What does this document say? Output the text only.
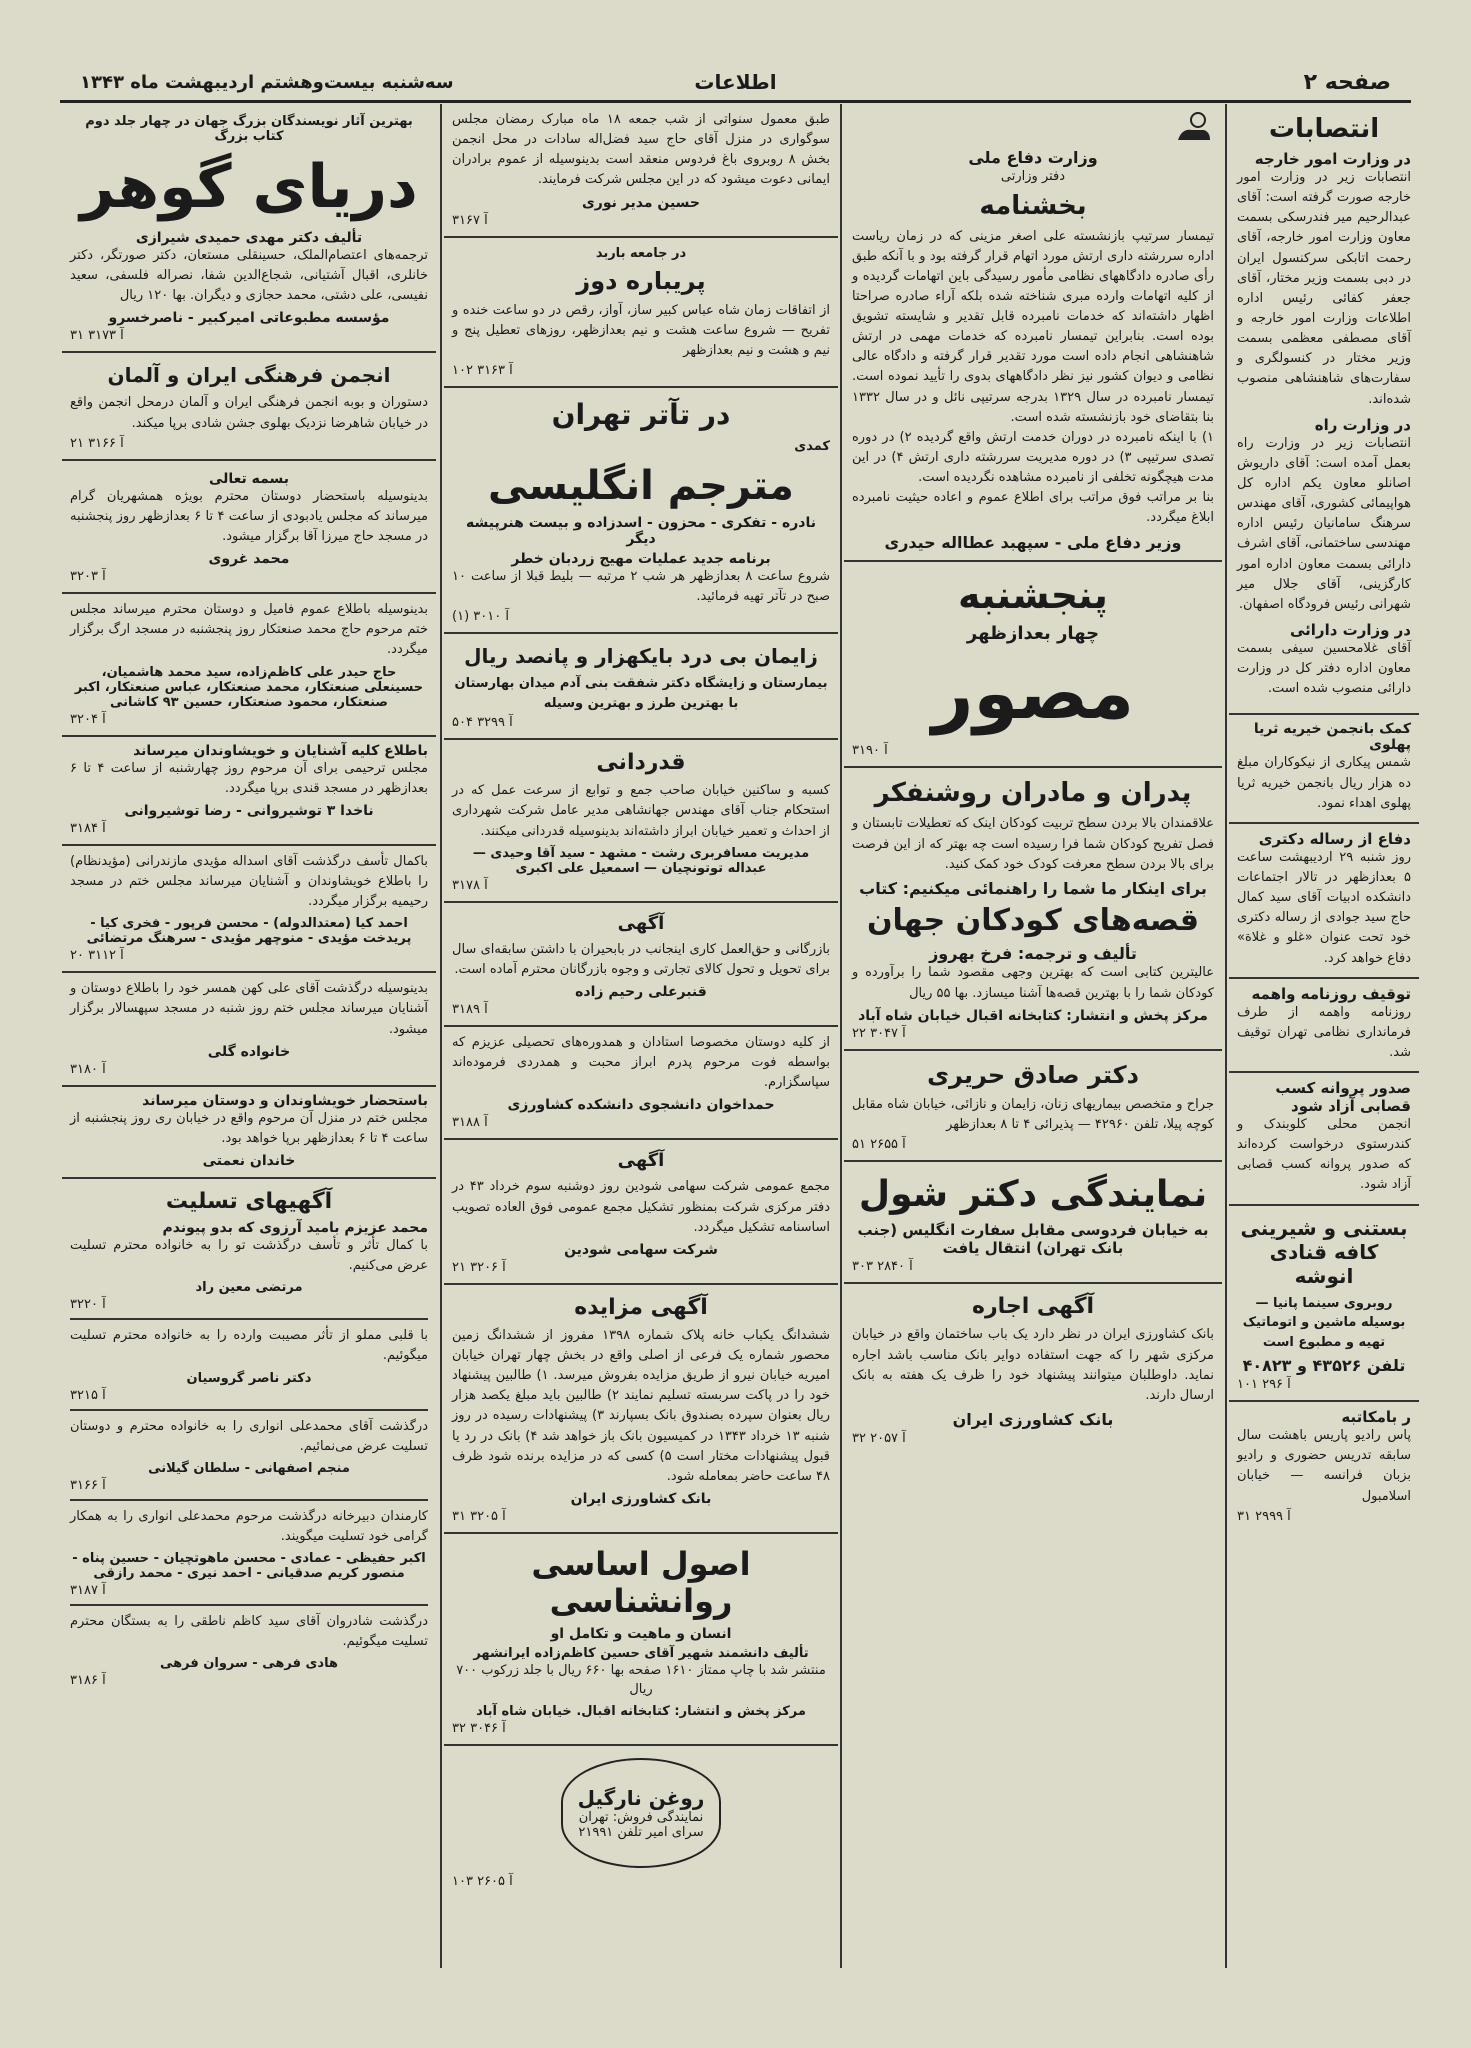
صفحه ۲
اطلاعات
سه‌شنبه بیست‌وهشتم اردیبهشت ماه ۱۳۴۳
انتصابات
در وزارت امور خارجه
انتصابات زیر در وزارت امور خارجه صورت گرفته است: آقای عبدالرحیم میر فندرسکی بسمت معاون وزارت امور خارجه، آقای رحمت اتابکی سرکنسول ایران در دبی بسمت وزیر مختار، آقای جعفر کفائی رئیس اداره اطلاعات وزارت امور خارجه و آقای مصطفی معظمی بسمت وزیر مختار در کنسولگری و سفارت‌های شاهنشاهی منصوب شده‌اند.
در وزارت راه
انتصابات زیر در وزارت راه بعمل آمده است: آقای داریوش اصانلو معاون یکم اداره کل هواپیمائی کشوری، آقای مهندس سرهنگ سامانیان رئیس اداره مهندسی ساختمانی، آقای اشرف دارائی بسمت معاون اداره امور کارگزینی، آقای جلال میر شهرانی رئیس فرودگاه اصفهان.
در وزارت دارائی
آقای غلامحسین سیفی بسمت معاون اداره دفتر کل در وزارت دارائی منصوب شده است.
کمک بانجمن خیریه ثریا پهلوی
شمس پیکاری از نیکوکاران مبلغ ده هزار ریال بانجمن خیریه ثریا پهلوی اهداء نمود.
دفاع از رساله دکتری
روز شنبه ۲۹ اردیبهشت ساعت ۵ بعدازظهر در تالار اجتماعات دانشکده ادبیات آقای سید کمال حاج سید جوادی از رساله دکتری خود تحت عنوان «غلو و غلاة» دفاع خواهد کرد.
توقیف روزنامه واهمه
روزنامه واهمه از طرف فرمانداری نظامی تهران توقیف شد.
صدور پروانه کسب قصابی آزاد شود
انجمن محلی کلوبندک و کندرستوی درخواست کرده‌اند که صدور پروانه کسب قصابی آزاد شود.
بستنی و شیرینی کافه قنادی انوشه
روبروی سینما پانیا — بوسیله ماشین و اتوماتیک تهیه و مطبوع است
تلفن ۴۳۵۲۶ و ۴۰۸۲۳
آ ۲۹۶ ۱۰۱
ر بامکاتبه
پاس رادیو پاریس باهشت سال سابقه تدریس حضوری و رادیو بزبان فرانسه — خیابان اسلامبول
آ ۲۹۹۹ ۳۱
وزارت دفاع ملی
دفتر وزارتی
بخشنامه
تیمسار سرتیپ بازنشسته علی اصغر مزینی که در زمان ریاست اداره سررشته داری ارتش مورد اتهام قرار گرفته بود و با آنکه طبق رأی صادره دادگاههای نظامی مأمور رسیدگی باین اتهامات گردیده و از کلیه اتهامات وارده مبری شناخته شده بلکه آراء صادره صراحتا اظهار داشته‌اند که خدمات نامبرده قابل تقدیر و شایسته تشویق بوده است. بنابراین تیمسار نامبرده که خدمات مهمی در ارتش شاهنشاهی انجام داده است مورد تقدیر قرار گرفته و دادگاه عالی نظامی و دیوان کشور نیز نظر دادگاههای بدوی را تأیید نموده است. تیمسار نامبرده در سال ۱۳۲۹ بدرجه سرتیپی نائل و در سال ۱۳۳۲ بنا بتقاضای خود بازنشسته شده است.
۱) با اینکه نامبرده در دوران خدمت ارتش واقع گردیده ۲) در دوره تصدی سرتیپی ۳) در دوره مدیریت سررشته داری ارتش ۴) در این مدت هیچگونه تخلفی از نامبرده مشاهده نگردیده است.
بنا بر مراتب فوق مراتب برای اطلاع عموم و اعاده حیثیت نامبرده ابلاغ میگردد.
وزیر دفاع ملی - سپهبد عطااله حیدری
پنجشنبه
چهار بعدازظهر
مصور
آ ۳۱۹۰
پدران و مادران روشنفکر
علاقمندان بالا بردن سطح تربیت کودکان اینک که تعطیلات تابستان و فصل تفریح کودکان شما فرا رسیده است چه بهتر که از این فرصت برای بالا بردن سطح معرفت کودک خود کمک کنید.
برای اینکار ما شما را راهنمائی میکنیم: کتاب
قصه‌های کودکان جهان
تألیف و ترجمه: فرخ بهروز
عالیترین کتابی است که بهترین وجهی مقصود شما را برآورده و کودکان شما را با بهترین قصه‌ها آشنا میسازد. بها ۵۵ ریال
مرکز پخش و انتشار: کتابخانه اقبال خیابان شاه آباد
آ ۳۰۴۷ ۲۲
دکتر صادق حریری
جراح و متخصص بیماریهای زنان، زایمان و نازائی، خیابان شاه مقابل کوچه پیلا، تلفن ۴۲۹۶۰ — پذیرائی ۴ تا ۸ بعدازظهر
آ ۲۶۵۵ ۵۱
نمایندگی دکتر شول
به خیابان فردوسی مقابل سفارت انگلیس (جنب بانک تهران) انتقال یافت
آ ۲۸۴۰ ۳۰۳
آگهی اجاره
بانک کشاورزی ایران در نظر دارد یک باب ساختمان واقع در خیابان مرکزی شهر را که جهت استفاده دوایر بانک مناسب باشد اجاره نماید. داوطلبان میتوانند پیشنهاد خود را ظرف یک هفته به بانک ارسال دارند.
بانک کشاورزی ایران
آ ۲۰۵۷ ۳۲
طبق معمول سنواتی از شب جمعه ۱۸ ماه مبارک رمضان مجلس سوگواری در منزل آقای حاج سید فضل‌اله سادات در محل انجمن بخش ۸ روبروی باغ فردوس منعقد است بدینوسیله از عموم برادران ایمانی دعوت میشود که در این مجلس شرکت فرمایند.
حسین مدیر نوری
آ ۳۱۶۷
در جامعه باربد
پریباره دوز
از اتفاقات زمان شاه عباس کبیر ساز، آواز، رقص در دو ساعت خنده و تفریح — شروع ساعت هشت و نیم بعدازظهر، روزهای تعطیل پنج و نیم و هشت و نیم بعدازظهر
آ ۳۱۶۳ ۱۰۲
در تآتر تهران
کمدی
مترجم انگلیسی
نادره - تفکری - محزون - اسدزاده و بیست هنرپیشه دیگر
برنامه جدید عملیات مهیج زردبان خطر
شروع ساعت ۸ بعدازظهر هر شب ۲ مرتبه — بلیط قبلا از ساعت ۱۰ صبح در تآتر تهیه فرمائید.
آ ۳۰۱۰ (۱)
زایمان بی درد بایکهزار و پانصد ریال
بیمارستان و زایشگاه دکتر شفقت بنی آدم میدان بهارستان با بهترین طرز و بهترین وسیله
آ ۳۲۹۹ ۵۰۴
قدردانی
کسبه و ساکنین خیابان صاحب جمع و توابع از سرعت عمل که در استحکام جناب آقای مهندس جهانشاهی مدیر عامل شرکت شهرداری از احداث و تعمیر خیابان ابراز داشته‌اند بدینوسیله قدردانی میکنند.
مدیریت مسافربری رشت - مشهد - سید آقا وحیدی — عبداله توتونچیان — اسمعیل علی اکبری
آ ۳۱۷۸
آگهی
بازرگانی و حق‌العمل کاری اینجانب در بابحیران با داشتن سابقه‌ای سال برای تحویل و تحول کالای تجارتی و وجوه بازرگانان محترم آماده است.
قنبرعلی رحیم زاده
آ ۳۱۸۹
از کلیه دوستان مخصوصا استادان و همدوره‌های تحصیلی عزیزم که بواسطه فوت مرحوم پدرم ابراز محبت و همدردی فرموده‌اند سپاسگزارم.
حمداخوان دانشجوی دانشکده کشاورزی
آ ۳۱۸۸
آگهی
مجمع عمومی شرکت سهامی شودین روز دوشنبه سوم خرداد ۴۳ در دفتر مرکزی شرکت بمنظور تشکیل مجمع عمومی فوق العاده تصویب اساسنامه تشکیل میگردد.
شرکت سهامی شودین
آ ۳۲۰۶ ۲۱
آگهی مزایده
ششدانگ یکباب خانه پلاک شماره ۱۳۹۸ مفروز از ششدانگ زمین محصور شماره یک فرعی از اصلی واقع در بخش چهار تهران خیابان امیریه خیابان نیرو از طریق مزایده بفروش میرسد. ۱) طالبین پیشنهاد خود را در پاکت سربسته تسلیم نمایند ۲) طالبین باید مبلغ یکصد هزار ریال بعنوان سپرده بصندوق بانک بسپارند ۳) پیشنهادات رسیده در روز شنبه ۱۳ خرداد ۱۳۴۳ در کمیسیون بانک باز خواهد شد ۴) بانک در رد یا قبول پیشنهادات مختار است ۵) کسی که در مزایده برنده شود ظرف ۴۸ ساعت حاضر بمعامله شود.
بانک کشاورزی ایران
آ ۳۲۰۵ ۳۱
اصول اساسی روانشناسی
انسان و ماهیت و تکامل او
تألیف دانشمند شهیر آقای حسین کاظم‌زاده ایرانشهر
منتشر شد با چاپ ممتاز ۱۶۱۰ صفحه بها ۶۶۰ ریال با جلد زرکوب ۷۰۰ ریال
مرکز پخش و انتشار: کتابخانه اقبال. خیابان شاه آباد
آ ۳۰۴۶ ۳۲
روغن نارگیل
نمایندگی فروش: تهران سرای امیر تلفن ۲۱۹۹۱
آ ۲۶۰۵ ۱۰۳
بهترین آثار نویسندگان بزرگ جهان در چهار جلد دوم کتاب بزرگ
دریای گوهر
تألیف دکتر مهدی حمیدی شیرازی
ترجمه‌های اعتصام‌الملک، حسینقلی مستعان، دکتر صورتگر، دکتر خانلری، اقبال آشتیانی، شجاع‌الدین شفا، نصراله فلسفی، سعید نفیسی، علی دشتی، محمد حجازی و دیگران. بها ۱۲۰ ریال
مؤسسه مطبوعاتی امیرکبیر - ناصرخسرو
آ ۳۱۷۳ ۳۱
انجمن فرهنگی ایران و آلمان
دستوران و بوبه انجمن فرهنگی ایران و آلمان درمحل انجمن واقع در خیابان شاهرضا نزدیک بهلوی جشن شادی برپا میکند.
آ ۳۱۶۶ ۲۱
بسمه تعالی
بدینوسیله باستحضار دوستان محترم بویژه همشهریان گرام میرساند که مجلس یادبودی از ساعت ۴ تا ۶ بعدازظهر روز پنجشنبه در مسجد حاج میرزا آقا برگزار میشود.
محمد غروی
آ ۳۲۰۳
بدینوسیله باطلاع عموم فامیل و دوستان محترم میرساند مجلس ختم مرحوم حاج محمد صنعتکار روز پنجشنبه در مسجد ارگ برگزار میگردد.
حاج حیدر علی کاظم‌زاده، سید محمد هاشمیان، حسینعلی صنعتکار، محمد صنعتکار، عباس صنعتکار، اکبر صنعتکار، محمود صنعتکار، حسین ۹۳ کاشانی
آ ۳۲۰۴
باطلاع کلیه آشنایان و خویشاوندان میرساند
مجلس ترحیمی برای آن مرحوم روز چهارشنبه از ساعت ۴ تا ۶ بعدازظهر در مسجد قندی برپا میگردد.
ناخدا ۳ توشیروانی - رضا توشیروانی
آ ۳۱۸۴
باکمال تأسف درگذشت آقای اسداله مؤیدی مازندرانی (مؤیدنظام) را باطلاع خویشاوندان و آشنایان میرساند مجلس ختم در مسجد رحیمیه برگزار میگردد.
احمد کیا (معتدالدوله) - محسن فرپور - فخری کیا - پریدخت مؤیدی - منوچهر مؤیدی - سرهنگ مرتضائی
آ ۳۱۱۲ ۲۰
بدینوسیله درگذشت آقای علی کهن همسر خود را باطلاع دوستان و آشنایان میرساند مجلس ختم روز شنبه در مسجد سپهسالار برگزار میشود.
خانواده گلی
آ ۳۱۸۰
باستحضار خویشاوندان و دوستان میرساند
مجلس ختم در منزل آن مرحوم واقع در خیابان ری روز پنجشنبه از ساعت ۴ تا ۶ بعدازظهر برپا خواهد بود.
خاندان نعمتی
آگهیهای تسلیت
محمد عزیزم بامید آرزوی که بدو پیوندم
با کمال تأثر و تأسف درگذشت تو را به خانواده محترم تسلیت عرض می‌کنیم.
مرتضی معین راد
آ ۳۲۲۰
با قلبی مملو از تأثر مصیبت وارده را به خانواده محترم تسلیت میگوئیم.
دکتر ناصر گروسیان
آ ۳۲۱۵
درگذشت آقای محمدعلی انواری را به خانواده محترم و دوستان تسلیت عرض می‌نمائیم.
منجم اصفهانی - سلطان گیلانی
آ ۳۱۶۶
کارمندان دبیرخانه درگذشت مرحوم محمدعلی انواری را به همکار گرامی خود تسلیت میگویند.
اکبر حفیظی - عمادی - محسن ماهوتچیان - حسین پناه - منصور کریم صدقیانی - احمد نیری - محمد رازقی
آ ۳۱۸۷
درگذشت شادروان آقای سید کاظم ناطقی را به بستگان محترم تسلیت میگوئیم.
هادی فرهی - سروان فرهی
آ ۳۱۸۶
